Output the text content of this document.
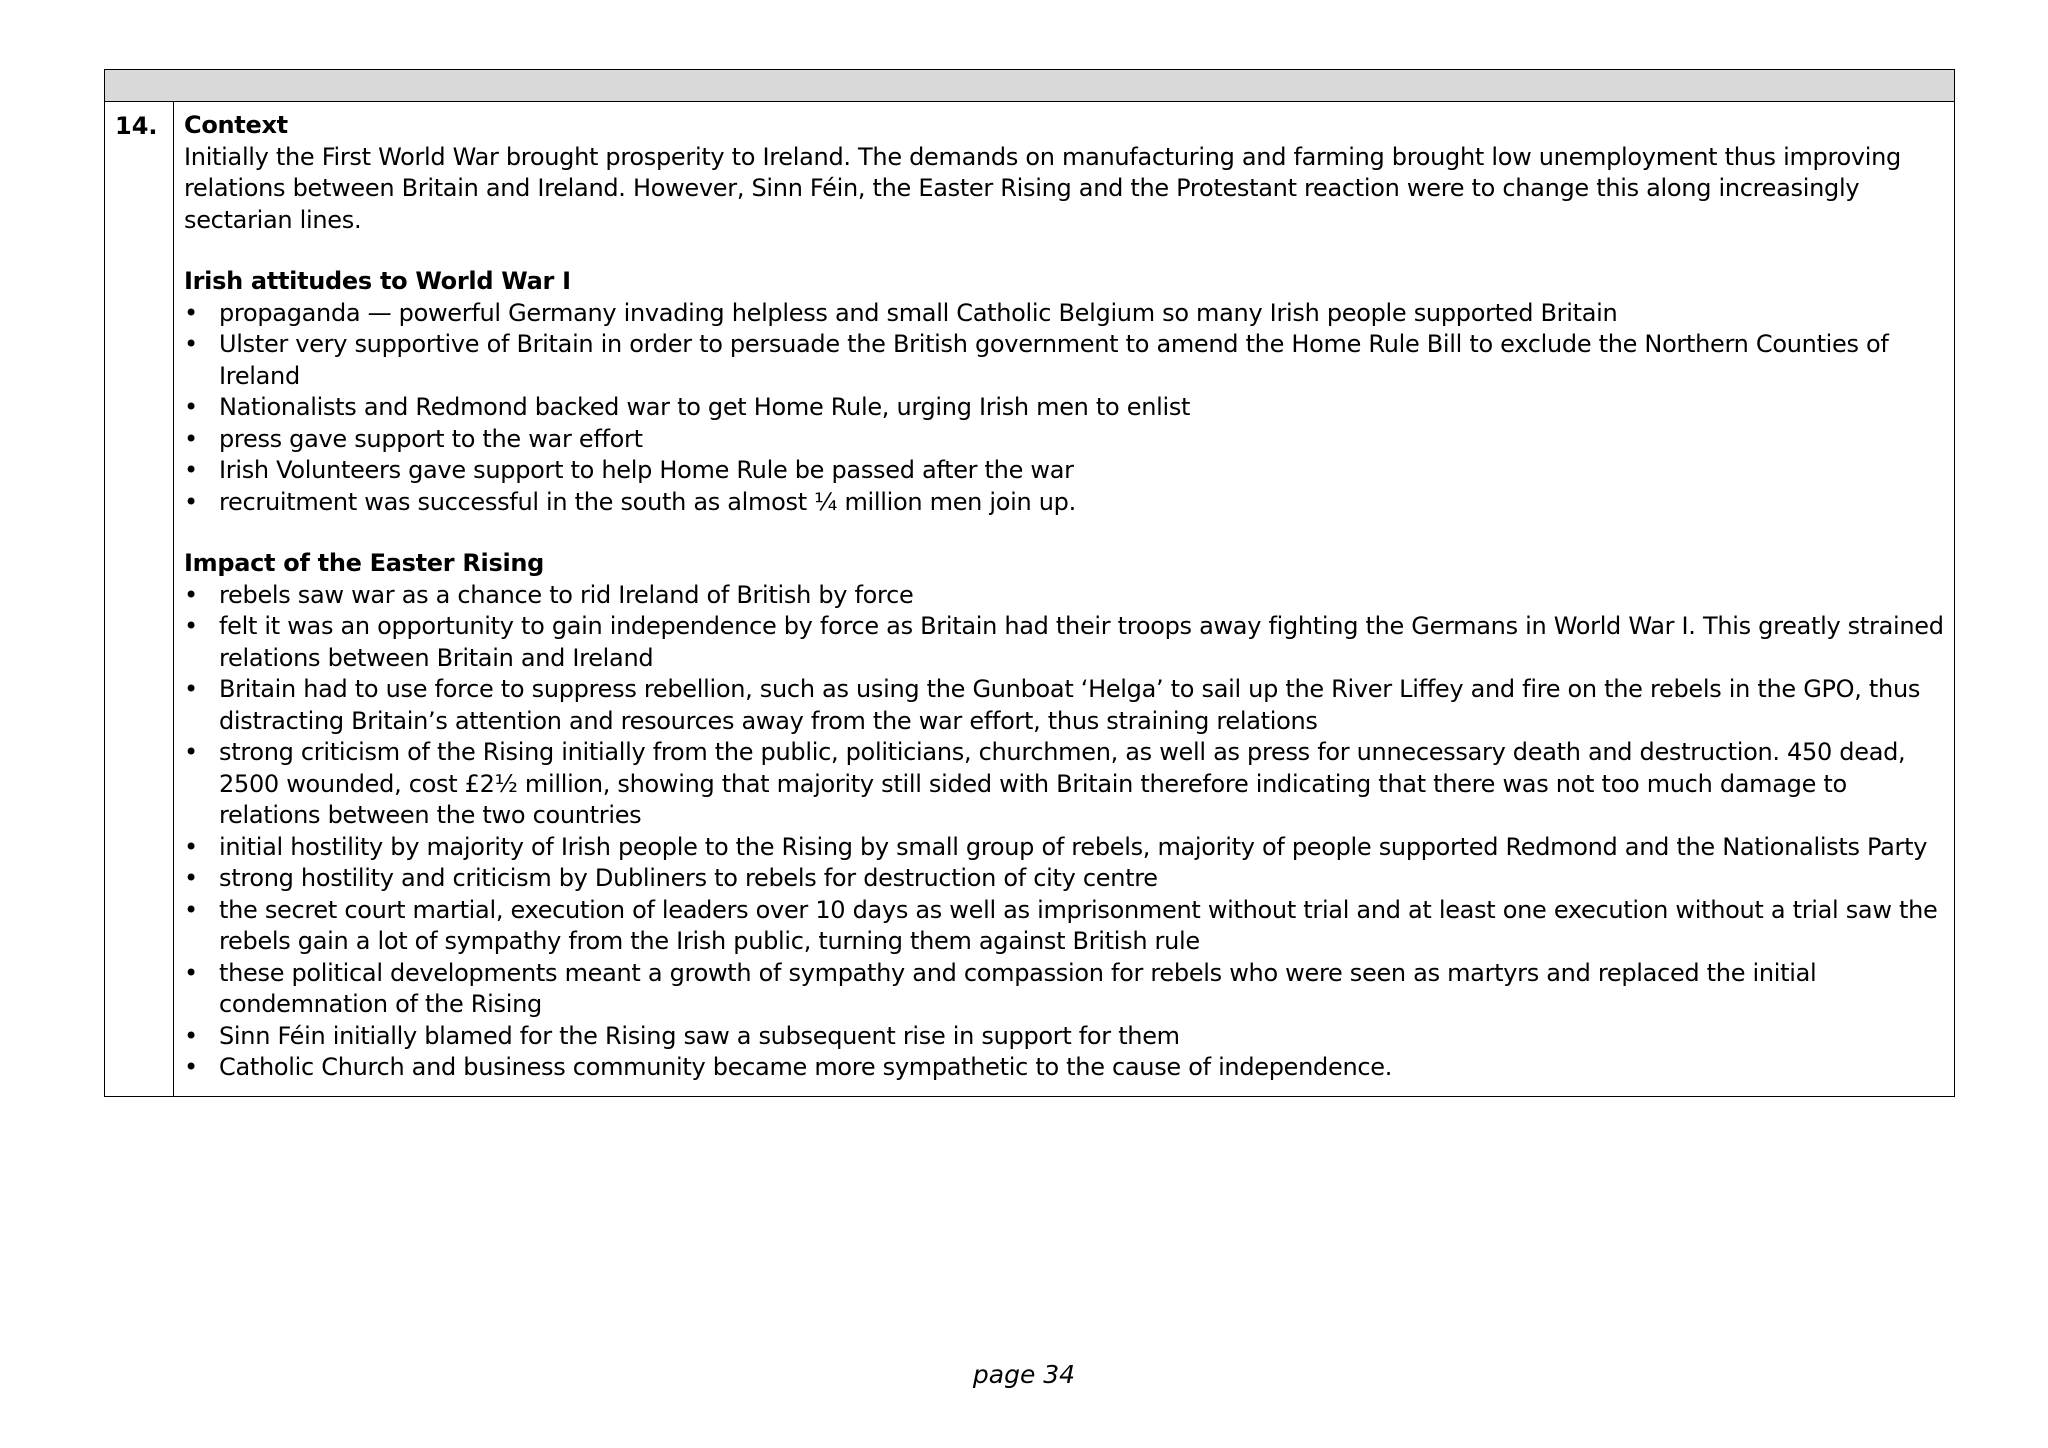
14.	Context

Initially the First World War brought prosperity to Ireland. The demands on manufacturing and farming brought low unemployment thus improving relations between Britain and Ireland. However, Sinn Féin, the Easter Rising and the Protestant reaction were to change this along increasingly sectarian lines.

Irish attitudes to World War I

• propaganda — powerful Germany invading helpless and small Catholic Belgium so many Irish people supported Britain
• Ulster very supportive of Britain in order to persuade the British government to amend the Home Rule Bill to exclude the Northern Counties of Ireland
• Nationalists and Redmond backed war to get Home Rule, urging Irish men to enlist
• press gave support to the war effort
• Irish Volunteers gave support to help Home Rule be passed after the war
• recruitment was successful in the south as almost ¼ million men join up.

Impact of the Easter Rising

• rebels saw war as a chance to rid Ireland of British by force
• felt it was an opportunity to gain independence by force as Britain had their troops away fighting the Germans in World War I. This greatly strained relations between Britain and Ireland
• Britain had to use force to suppress rebellion, such as using the Gunboat ‘Helga’ to sail up the River Liffey and fire on the rebels in the GPO, thus distracting Britain’s attention and resources away from the war effort, thus straining relations
• strong criticism of the Rising initially from the public, politicians, churchmen, as well as press for unnecessary death and destruction. 450 dead, 2500 wounded, cost £2½ million, showing that majority still sided with Britain therefore indicating that there was not too much damage to relations between the two countries
• initial hostility by majority of Irish people to the Rising by small group of rebels, majority of people supported Redmond and the Nationalists Party
• strong hostility and criticism by Dubliners to rebels for destruction of city centre
• the secret court martial, execution of leaders over 10 days as well as imprisonment without trial and at least one execution without a trial saw the rebels gain a lot of sympathy from the Irish public, turning them against British rule
• these political developments meant a growth of sympathy and compassion for rebels who were seen as martyrs and replaced the initial condemnation of the Rising
• Sinn Féin initially blamed for the Rising saw a subsequent rise in support for them
• Catholic Church and business community became more sympathetic to the cause of independence.
page 34
